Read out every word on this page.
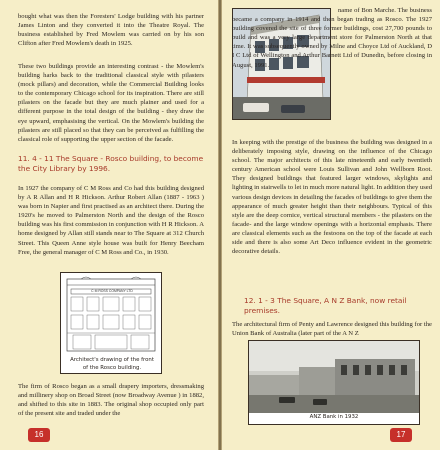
bought what was then the Foresters' Lodge building with his partner James Linton and they converted it into the Theatre Royal. The business established by Fred Mowlem was carried on by his son Clifton after Fred Mowlem's death in 1925.

These two buildings provide an interesting contrast - the Mowlem's building harks back to the traditional classical style with pilasters (mock pillars) and decoration, while the Commercial Building looks to the contemporary Chicago school for its inspiration. There are still pilasters on the facade but they are much plainer and used for a different purpose in the total design of the building - they draw the eye upward, emphasising the vertical. On the Mowlem's building the pilasters are still placed so that they can be perceived as fulfilling the classical role of supporting the upper section of the facade.

11. 4 - 11 The Square - Rosco building, to become the City Library by 1996.

In 1927 the company of C M Ross and Co had this building designed by A R Allan and H R Hickson. Arthur Robert Allan (1887 - 1963 ) was born in Napier and first practised as an architect there. During the 1920's he moved to Palmerston North and the design of the Rosco building was his first commission in conjunction with H R Hickson. A home designed by Allan still stands near to The Square at 312 Church Street. This Queen Anne style house was built for Henry Beecham Free, the general manager of C M Ross and Co., in 1930.

C M ROSS COMPANY LTD

Architect's drawing of the front of the Rosco building.

The firm of Rosco began as a small drapery importers, dressmaking and millinery shop on Broad Street (now Broadway Avenue ) in 1882, and shifted to this site in 1883. The original shop occupied only part of the present site and traded under the

16

name of Bon Marche. The business became a company in 1914 and then began trading as Rosco. The 1927 building covered the site of three former buildings, cost 27,700 pounds to build and was a very large department store for Palmerston North at that time. It was subsequently owned by Milne and Choyce Ltd of Auckland, D I C Ltd of Wellington and Arthur Barnett Ltd of Dunedin, before closing in August, 1991.

In keeping with the prestige of the business the building was designed in a deliberately imposing style, drawing on the influence of the Chicago school. The major architects of this late nineteenth and early twentieth century American school were Louis Sullivan and John Wellborn Root. They designed buildings that featured larger windows, skylights and lighting in stairwells to let in much more natural light. In addition they used various design devices in detailing the facades of buildings to give them the appearance of much greater height than their neighbours. Typical of this style are the deep cornice, vertical structural members - the pilasters on the facade- and the large window openings with a horizontal emphasis. There are classical elements such as the festoons on the top of the facade at each side and there is also some Art Deco influence evident in the geometric decorative details.

12. 1 - 3 The Square, A N Z Bank, now retail premises.

The architectural firm of Penty and Lawrence designed this building for the Union Bank of Australia (later part of the A N Z

ANZ Bank in 1932

17
